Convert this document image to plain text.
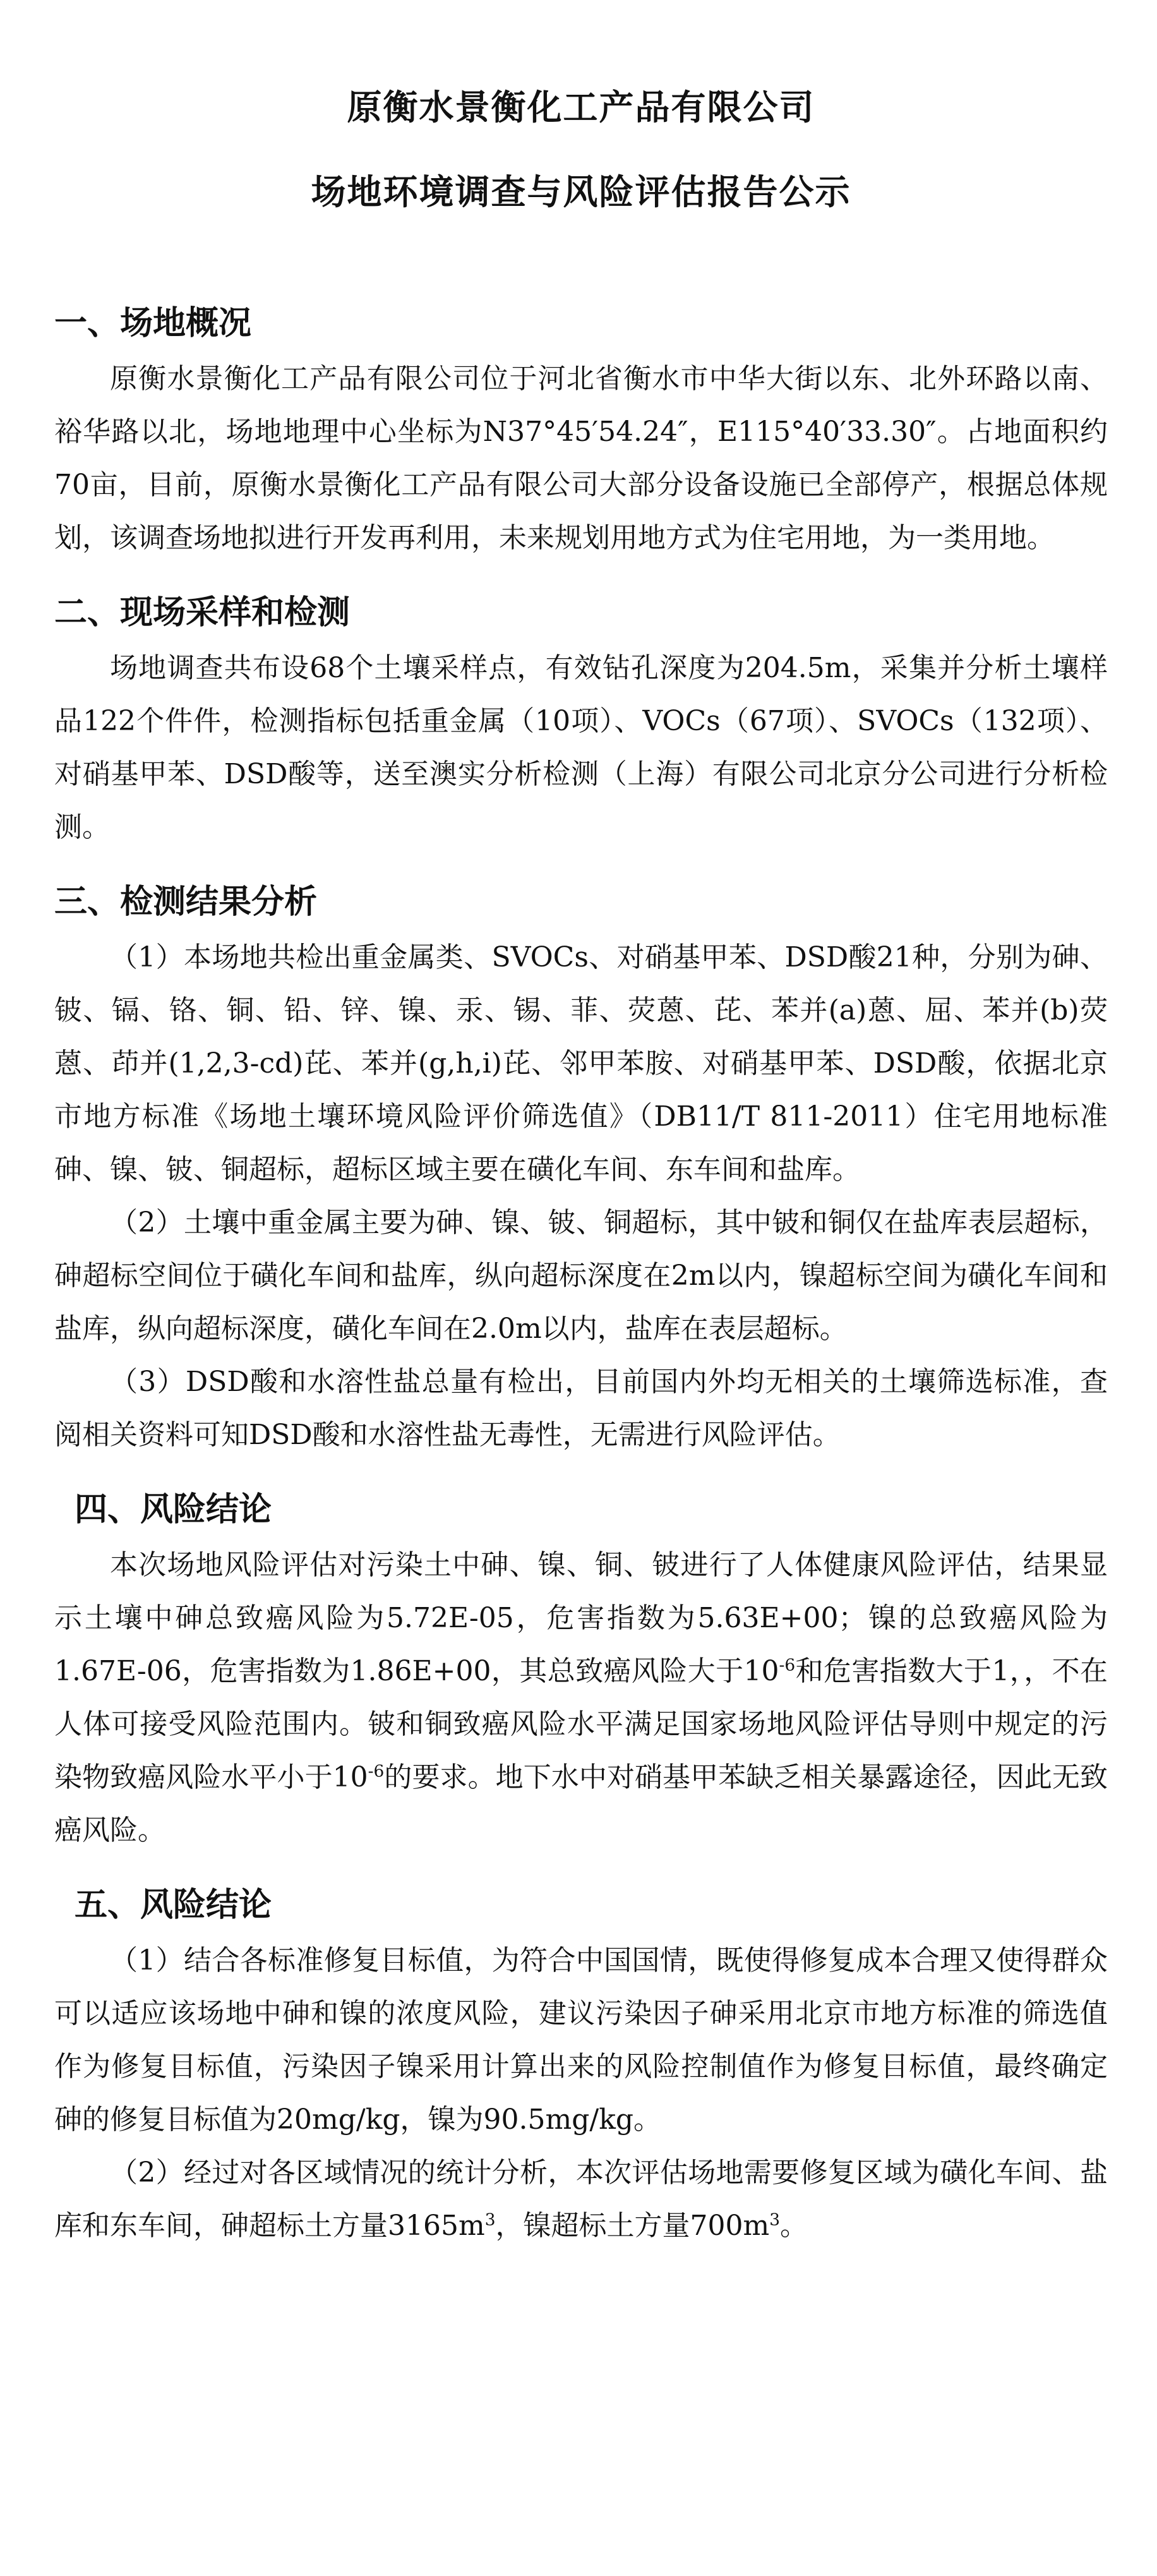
原衡水景衡化工产品有限公司
场地环境调查与风险评估报告公示
一、场地概况

原衡水景衡化工产品有限公司位于河北省衡水市中华大街以东、北外环路以南、裕华路以北，场地地理中心坐标为N37°45′54.24″，E115°40′33.30″。占地面积约70亩，目前，原衡水景衡化工产品有限公司大部分设备设施已全部停产，根据总体规划，该调查场地拟进行开发再利用，未来规划用地方式为住宅用地，为一类用地。

二、现场采样和检测

场地调查共布设68个土壤采样点，有效钻孔深度为204.5m，采集并分析土壤样品122个件件，检测指标包括重金属（10项）、VOCs（67项）、SVOCs（132项）、对硝基甲苯、DSD酸等，送至澳实分析检测（上海）有限公司北京分公司进行分析检测。

三、检测结果分析

（1）本场地共检出重金属类、SVOCs、对硝基甲苯、DSD酸21种，分别为砷、铍、镉、铬、铜、铅、锌、镍、汞、锡、菲、荧蒽、芘、苯并(a)蒽、屈、苯并(b)荧蒽、茚并(1,2,3-cd)芘、苯并(g,h,i)芘、邻甲苯胺、对硝基甲苯、DSD酸，依据北京市地方标准《场地土壤环境风险评价筛选值》（DB11/T 811-2011）住宅用地标准砷、镍、铍、铜超标，超标区域主要在磺化车间、东车间和盐库。

（2）土壤中重金属主要为砷、镍、铍、铜超标，其中铍和铜仅在盐库表层超标，砷超标空间位于磺化车间和盐库，纵向超标深度在2m以内，镍超标空间为磺化车间和盐库，纵向超标深度，磺化车间在2.0m以内，盐库在表层超标。

（3）DSD酸和水溶性盐总量有检出，目前国内外均无相关的土壤筛选标准，查阅相关资料可知DSD酸和水溶性盐无毒性，无需进行风险评估。

四、风险结论

本次场地风险评估对污染土中砷、镍、铜、铍进行了人体健康风险评估，结果显示土壤中砷总致癌风险为5.72E-05，危害指数为5.63E+00；镍的总致癌风险为1.67E-06，危害指数为1.86E+00，其总致癌风险大于$10^{-6}$和危害指数大于1，，不在人体可接受风险范围内。铍和铜致癌风险水平满足国家场地风险评估导则中规定的污染物致癌风险水平小于$10^{-6}$的要求。地下水中对硝基甲苯缺乏相关暴露途径，因此无致癌风险。

五、风险结论

（1）结合各标准修复目标值，为符合中国国情，既使得修复成本合理又使得群众可以适应该场地中砷和镍的浓度风险，建议污染因子砷采用北京市地方标准的筛选值作为修复目标值，污染因子镍采用计算出来的风险控制值作为修复目标值，最终确定砷的修复目标值为20mg/kg，镍为90.5mg/kg。

（2）经过对各区域情况的统计分析，本次评估场地需要修复区域为磺化车间、盐库和东车间，砷超标土方量$3165m^3$，镍超标土方量$700m^3$。
